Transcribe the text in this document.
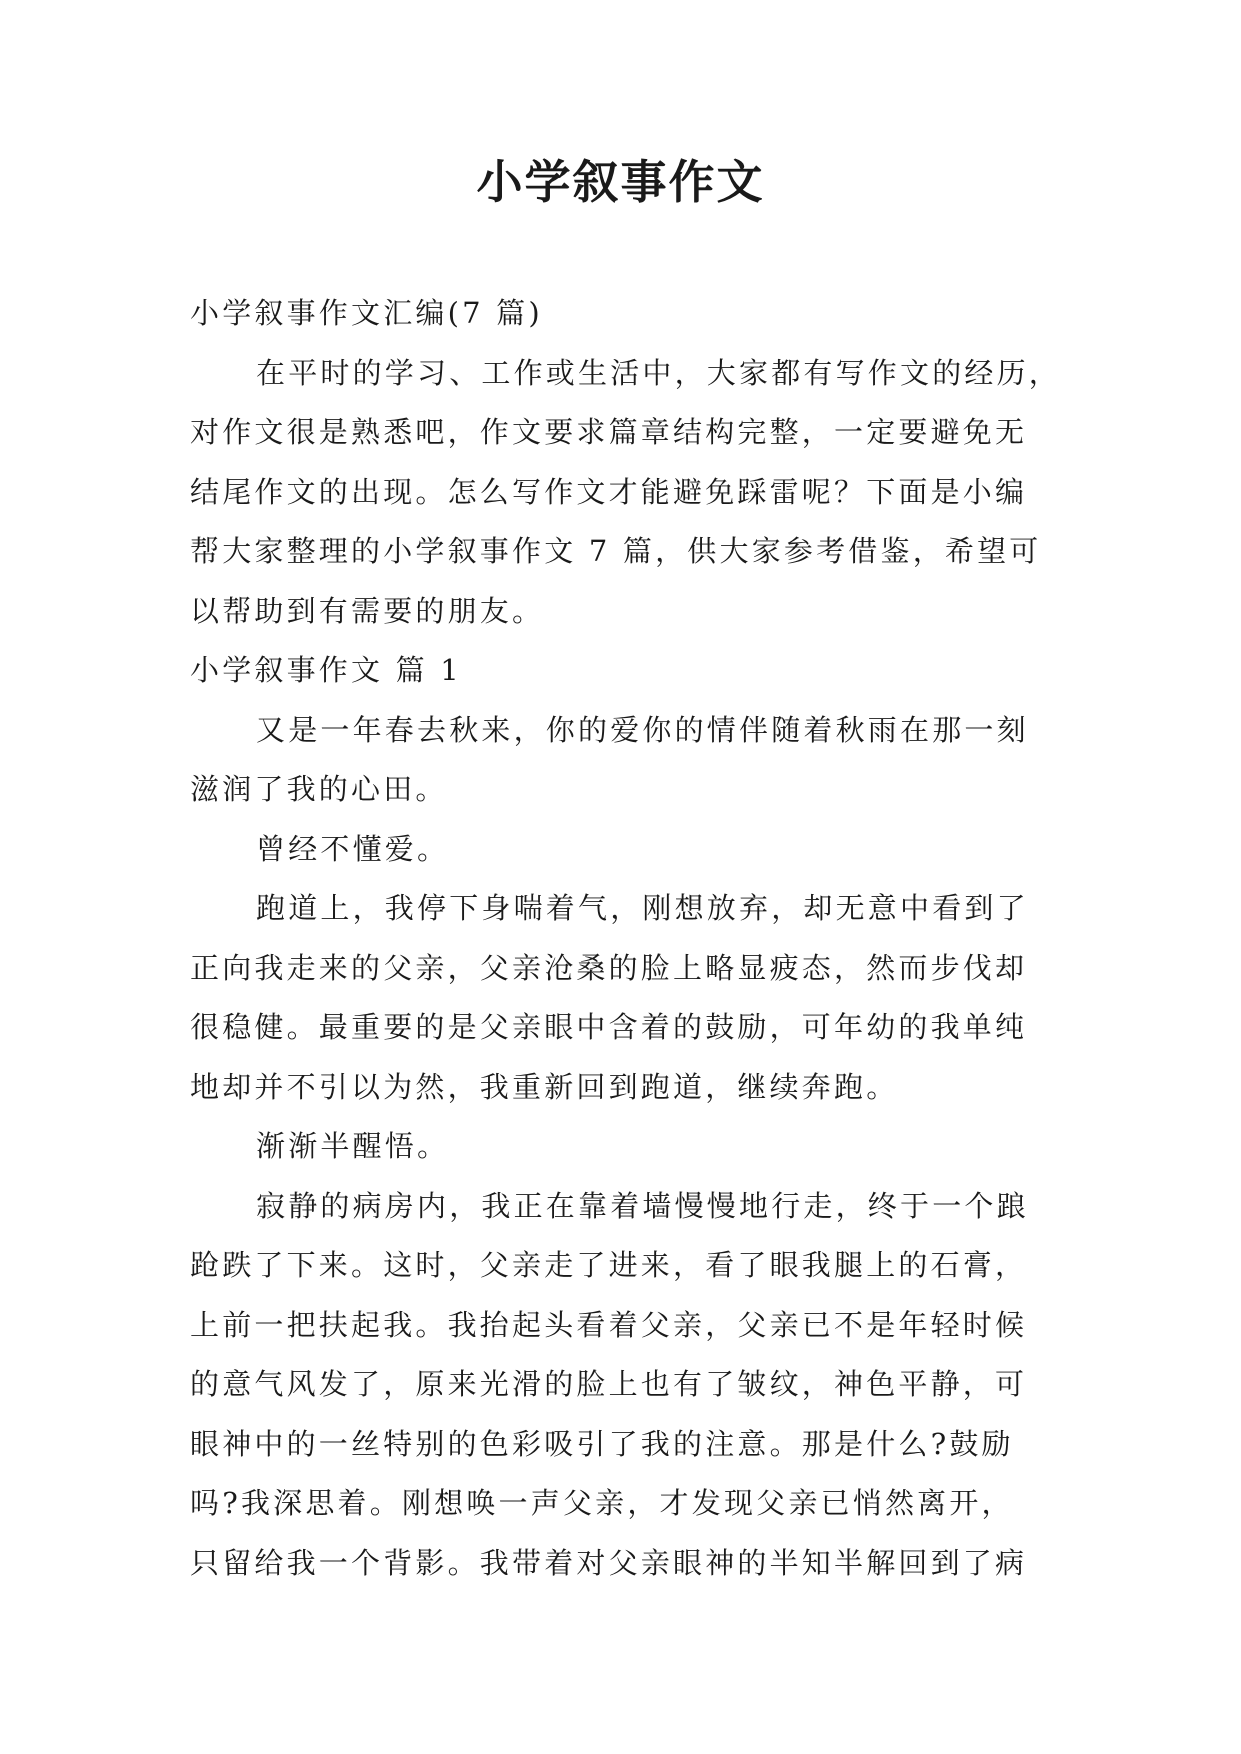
小学叙事作文
小学叙事作文汇编(7 篇)
在平时的学习、工作或生活中，大家都有写作文的经历，
对作文很是熟悉吧，作文要求篇章结构完整，一定要避免无
结尾作文的出现。怎么写作文才能避免踩雷呢？下面是小编
帮大家整理的小学叙事作文 7 篇，供大家参考借鉴，希望可
以帮助到有需要的朋友。
小学叙事作文 篇 1
又是一年春去秋来，你的爱你的情伴随着秋雨在那一刻
滋润了我的心田。
曾经不懂爱。
跑道上，我停下身喘着气，刚想放弃，却无意中看到了
正向我走来的父亲，父亲沧桑的脸上略显疲态，然而步伐却
很稳健。最重要的是父亲眼中含着的鼓励，可年幼的我单纯
地却并不引以为然，我重新回到跑道，继续奔跑。
渐渐半醒悟。
寂静的病房内，我正在靠着墙慢慢地行走，终于一个踉
跄跌了下来。这时，父亲走了进来，看了眼我腿上的石膏，
上前一把扶起我。我抬起头看着父亲，父亲已不是年轻时候
的意气风发了，原来光滑的脸上也有了皱纹，神色平静，可
眼神中的一丝特别的色彩吸引了我的注意。那是什么?鼓励
吗?我深思着。刚想唤一声父亲，才发现父亲已悄然离开，
只留给我一个背影。我带着对父亲眼神的半知半解回到了病
